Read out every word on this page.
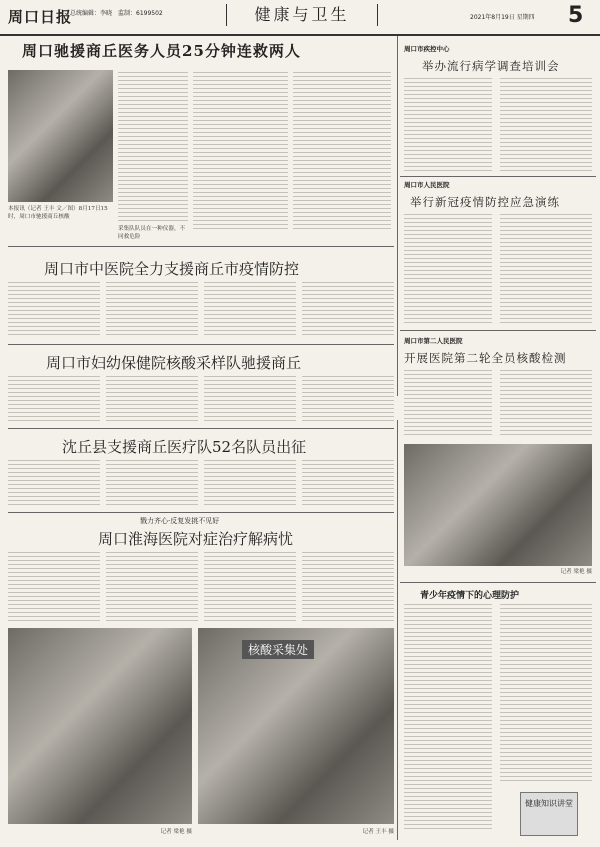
周口日报
总统编辑：李晓　监制：6199502	健康与卫生	2021年8月19日 星期四 5
周口驰援商丘医务人员25分钟连救两人
本报讯（记者 王丰 文／图）8月17日15时，周口市驰援商丘核酸
采集队队员在一种仪器，不同救危险
周口市疾控中心
举办流行病学调查培训会
周口市人民医院
举行新冠疫情防控应急演练
周口市中医院全力支援商丘市疫情防控
周口市妇幼保健院核酸采样队驰援商丘
周口市第二人民医院
开展医院第二轮全员核酸检测
记者 梁艳 摄
沈丘县支援商丘医疗队52名队员出征
戮力齐心·反复发挑不见好
周口淮海医院对症治疗解病忧
核酸采集处
记者 梁艳 摄	记者 王丰 摄
青少年疫情下的心理防护
健康知识讲堂
